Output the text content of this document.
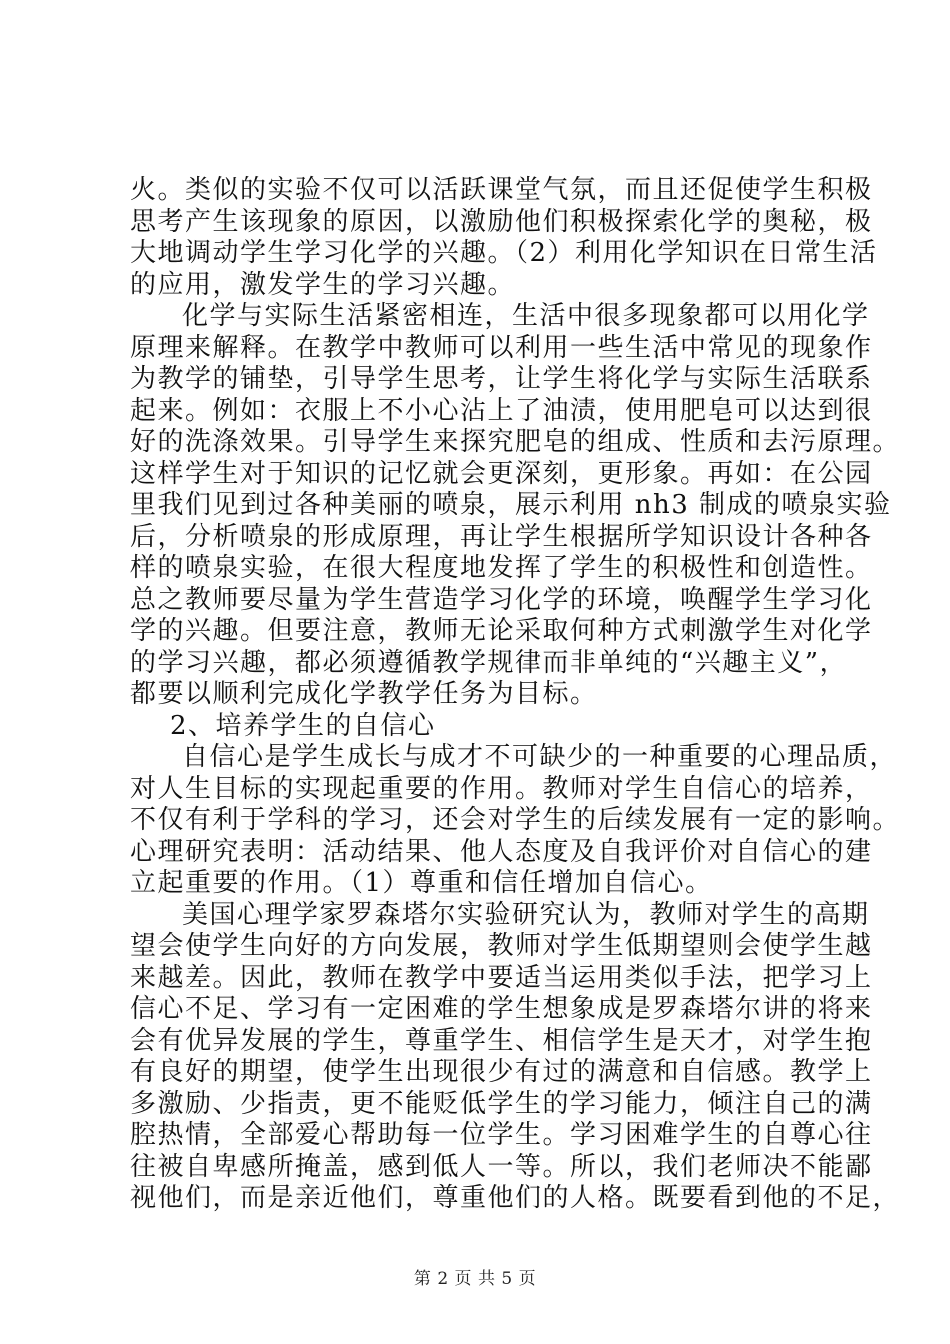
火。类似的实验不仅可以活跃课堂气氛，而且还促使学生积极
思考产生该现象的原因，以激励他们积极探索化学的奥秘，极
大地调动学生学习化学的兴趣。（2）利用化学知识在日常生活
的应用，激发学生的学习兴趣。
化学与实际生活紧密相连，生活中很多现象都可以用化学
原理来解释。在教学中教师可以利用一些生活中常见的现象作
为教学的铺垫，引导学生思考，让学生将化学与实际生活联系
起来。例如：衣服上不小心沾上了油渍，使用肥皂可以达到很
好的洗涤效果。引导学生来探究肥皂的组成、性质和去污原理。
这样学生对于知识的记忆就会更深刻，更形象。再如：在公园
里我们见到过各种美丽的喷泉，展示利用 nh3 制成的喷泉实验
后，分析喷泉的形成原理，再让学生根据所学知识设计各种各
样的喷泉实验，在很大程度地发挥了学生的积极性和创造性。
总之教师要尽量为学生营造学习化学的环境，唤醒学生学习化
学的兴趣。但要注意，教师无论采取何种方式刺激学生对化学
的学习兴趣，都必须遵循教学规律而非单纯的“兴趣主义”，
都要以顺利完成化学教学任务为目标。
2、培养学生的自信心
自信心是学生成长与成才不可缺少的一种重要的心理品质，
对人生目标的实现起重要的作用。教师对学生自信心的培养，
不仅有利于学科的学习，还会对学生的后续发展有一定的影响。
心理研究表明：活动结果、他人态度及自我评价对自信心的建
立起重要的作用。（1）尊重和信任增加自信心。
美国心理学家罗森塔尔实验研究认为，教师对学生的高期
望会使学生向好的方向发展，教师对学生低期望则会使学生越
来越差。因此，教师在教学中要适当运用类似手法，把学习上
信心不足、学习有一定困难的学生想象成是罗森塔尔讲的将来
会有优异发展的学生，尊重学生、相信学生是天才，对学生抱
有良好的期望，使学生出现很少有过的满意和自信感。教学上
多激励、少指责，更不能贬低学生的学习能力，倾注自己的满
腔热情，全部爱心帮助每一位学生。学习困难学生的自尊心往
往被自卑感所掩盖，感到低人一等。所以，我们老师决不能鄙
视他们，而是亲近他们，尊重他们的人格。既要看到他的不足，
第 2 页 共 5 页
